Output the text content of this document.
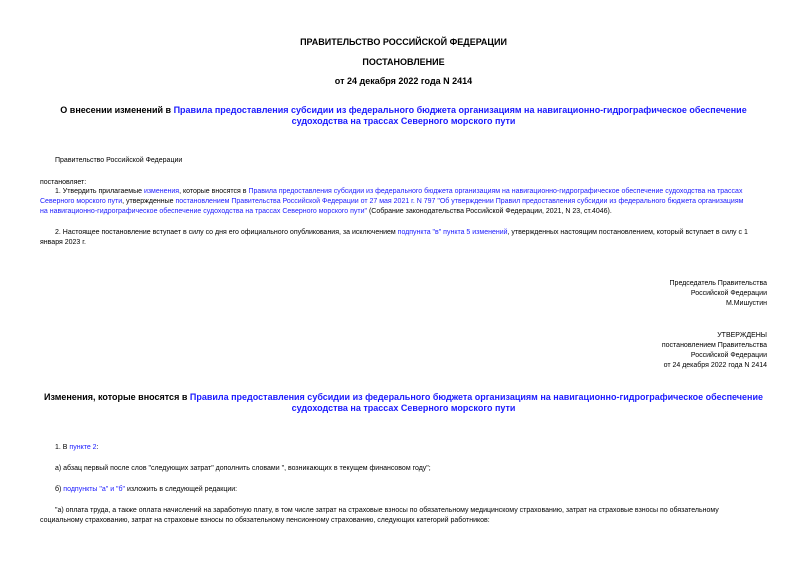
ПРАВИТЕЛЬСТВО РОССИЙСКОЙ ФЕДЕРАЦИИ
ПОСТАНОВЛЕНИЕ
от 24 декабря 2022 года N 2414
О внесении изменений в Правила предоставления субсидии из федерального бюджета организациям на навигационно-гидрографическое обеспечение
судоходства на трассах Северного морского пути
Правительство Российской Федерации
постановляет:
1. Утвердить прилагаемые изменения, которые вносятся в Правила предоставления субсидии из федерального бюджета организациям на навигационно-гидрографическое обеспечение судоходства на трассах
Северного морского пути, утвержденные постановлением Правительства Российской Федерации от 27 мая 2021 г. N 797 "Об утверждении Правил предоставления субсидии из федерального бюджета организациям
на навигационно-гидрографическое обеспечение судоходства на трассах Северного морского пути" (Собрание законодательства Российской Федерации, 2021, N 23, ст.4046).
2. Настоящее постановление вступает в силу со дня его официального опубликования, за исключением подпункта "в" пункта 5 изменений, утвержденных настоящим постановлением, который вступает в силу с 1
января 2023 г.
Председатель Правительства
Российской Федерации
М.Мишустин
УТВЕРЖДЕНЫ
постановлением Правительства
Российской Федерации
от 24 декабря 2022 года N 2414
Изменения, которые вносятся в Правила предоставления субсидии из федерального бюджета организациям на навигационно-гидрографическое обеспечение
судоходства на трассах Северного морского пути
1. В пункте 2:
а) абзац первый после слов "следующих затрат" дополнить словами ", возникающих в текущем финансовом году";
б) подпункты "а" и "б" изложить в следующей редакции:
"а) оплата труда, а также оплата начислений на заработную плату, в том числе затрат на страховые взносы по обязательному медицинскому страхованию, затрат на страховые взносы по обязательному
социальному страхованию, затрат на страховые взносы по обязательному пенсионному страхованию, следующих категорий работников:
